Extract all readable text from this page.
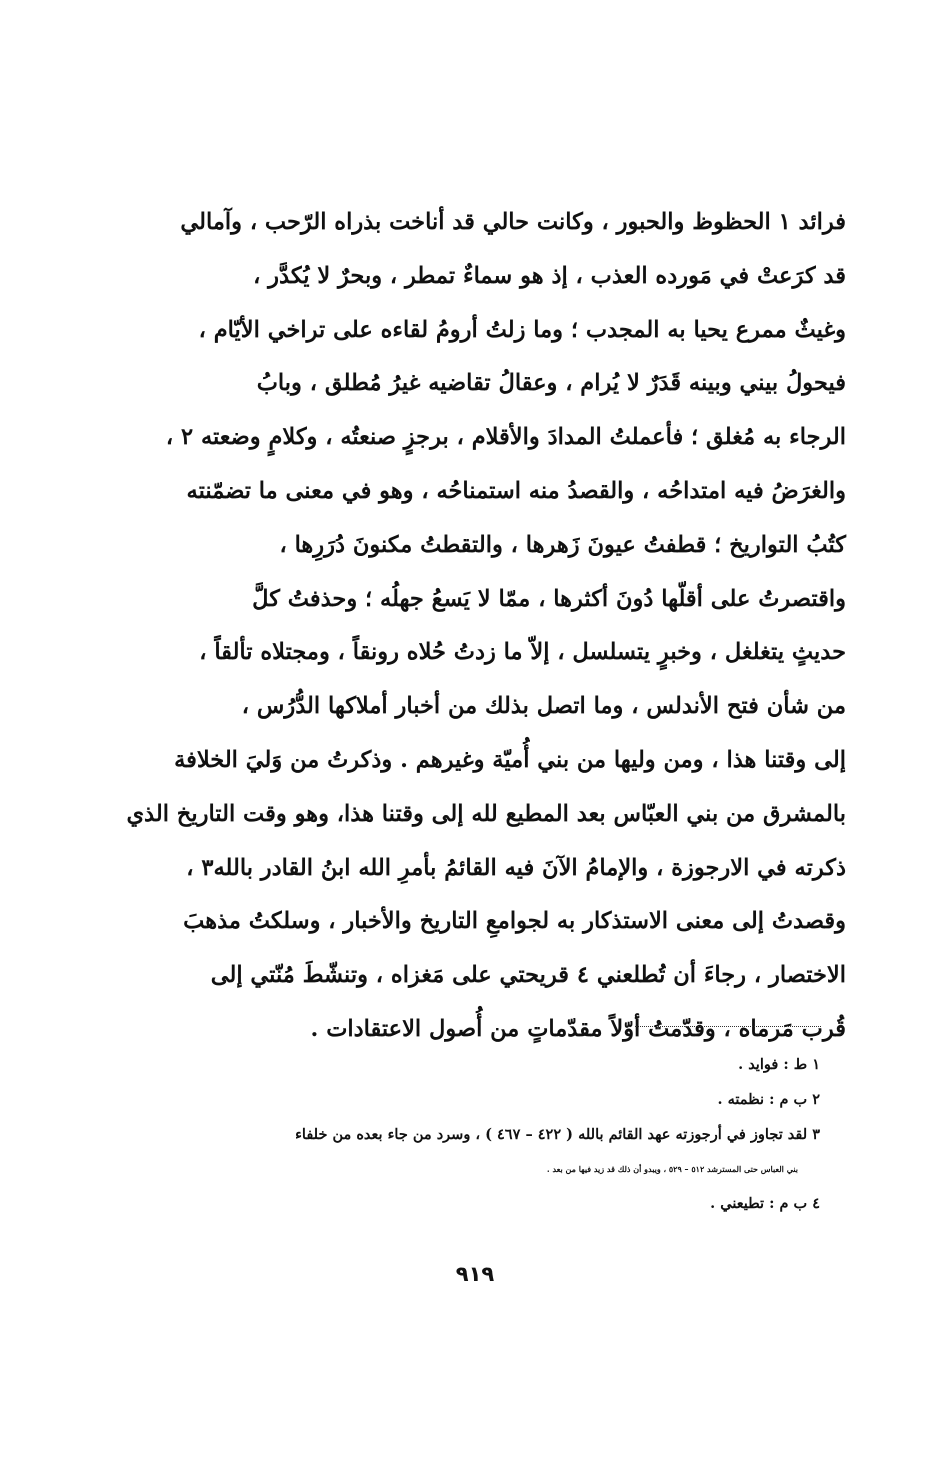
فرائد ١ الحظوظ والحبور ، وكانت حالي قد أناخت بذراه الرّحب ، وآمالي
قد كرَعتْ في مَورده العذب ، إذ هو سماءٌ تمطر ، وبحرٌ لا يُكدَّر ،
وغيثٌ ممرع يحيا به المجدب ؛ وما زلتُ أرومُ لقاءه على تراخي الأيّام ،
فيحولُ بيني وبينه قَدَرٌ لا يُرام ، وعقالُ تقاضيه غيرُ مُطلق ، وبابُ
الرجاء به مُغلق ؛ فأعملتُ المدادَ والأقلام ، برجزٍ صنعتُه ، وكلامٍ وضعته ٢ ،
والغرَضُ فيه امتداحُه ، والقصدُ منه استمناحُه ، وهو في معنى ما تضمّنته
كتُبُ التواريخ ؛ قطفتُ عيونَ زَهرها ، والتقطتُ مكنونَ دُرَرِها ،
واقتصرتُ على أقلّها دُونَ أكثرها ، ممّا لا يَسعُ جهلُه ؛ وحذفتُ كلَّ
حديثٍ يتغلغل ، وخبرٍ يتسلسل ، إلاّ ما زدتُ حُلاه رونقاً ، ومجتلاه تألقاً ،
من شأن فتح الأندلس ، وما اتصل بذلك من أخبار أملاكها الدُّرُس ،
إلى وقتنا هذا ، ومن وليها من بني أُميّة وغيرهم . وذكرتُ من وَليَ الخلافة
بالمشرق من بني العبّاس بعد المطيع لله إلى وقتنا هذا، وهو وقت التاريخ الذي
ذكرته في الارجوزة ، والإمامُ الآنَ فيه القائمُ بأمرِ الله ابنُ القادر بالله٣ ،
وقصدتُ إلى معنى الاستذكار به لجوامعِ التاريخ والأخبار ، وسلكتُ مذهبَ
الاختصار ، رجاءَ أن تُطلعني ٤ قريحتي على مَغزاه ، وتنشّطَ مُنّتي إلى
قُرب مَرماه ، وقدّمتُ أوّلاً مقدّماتٍ من أُصول الاعتقادات .
١ ط : فوايد .
٢ ب م : نظمته .
٣ لقد تجاوز في أرجوزته عهد القائم بالله ( ٤٢٢ – ٤٦٧ ) ، وسرد من جاء بعده من خلفاء
بني العباس حتى المسترشد ٥١٢ – ٥٢٩ ، ويبدو أن ذلك قد زيد فيها من بعد .
٤ ب م : تطيعني .
٩١٩
